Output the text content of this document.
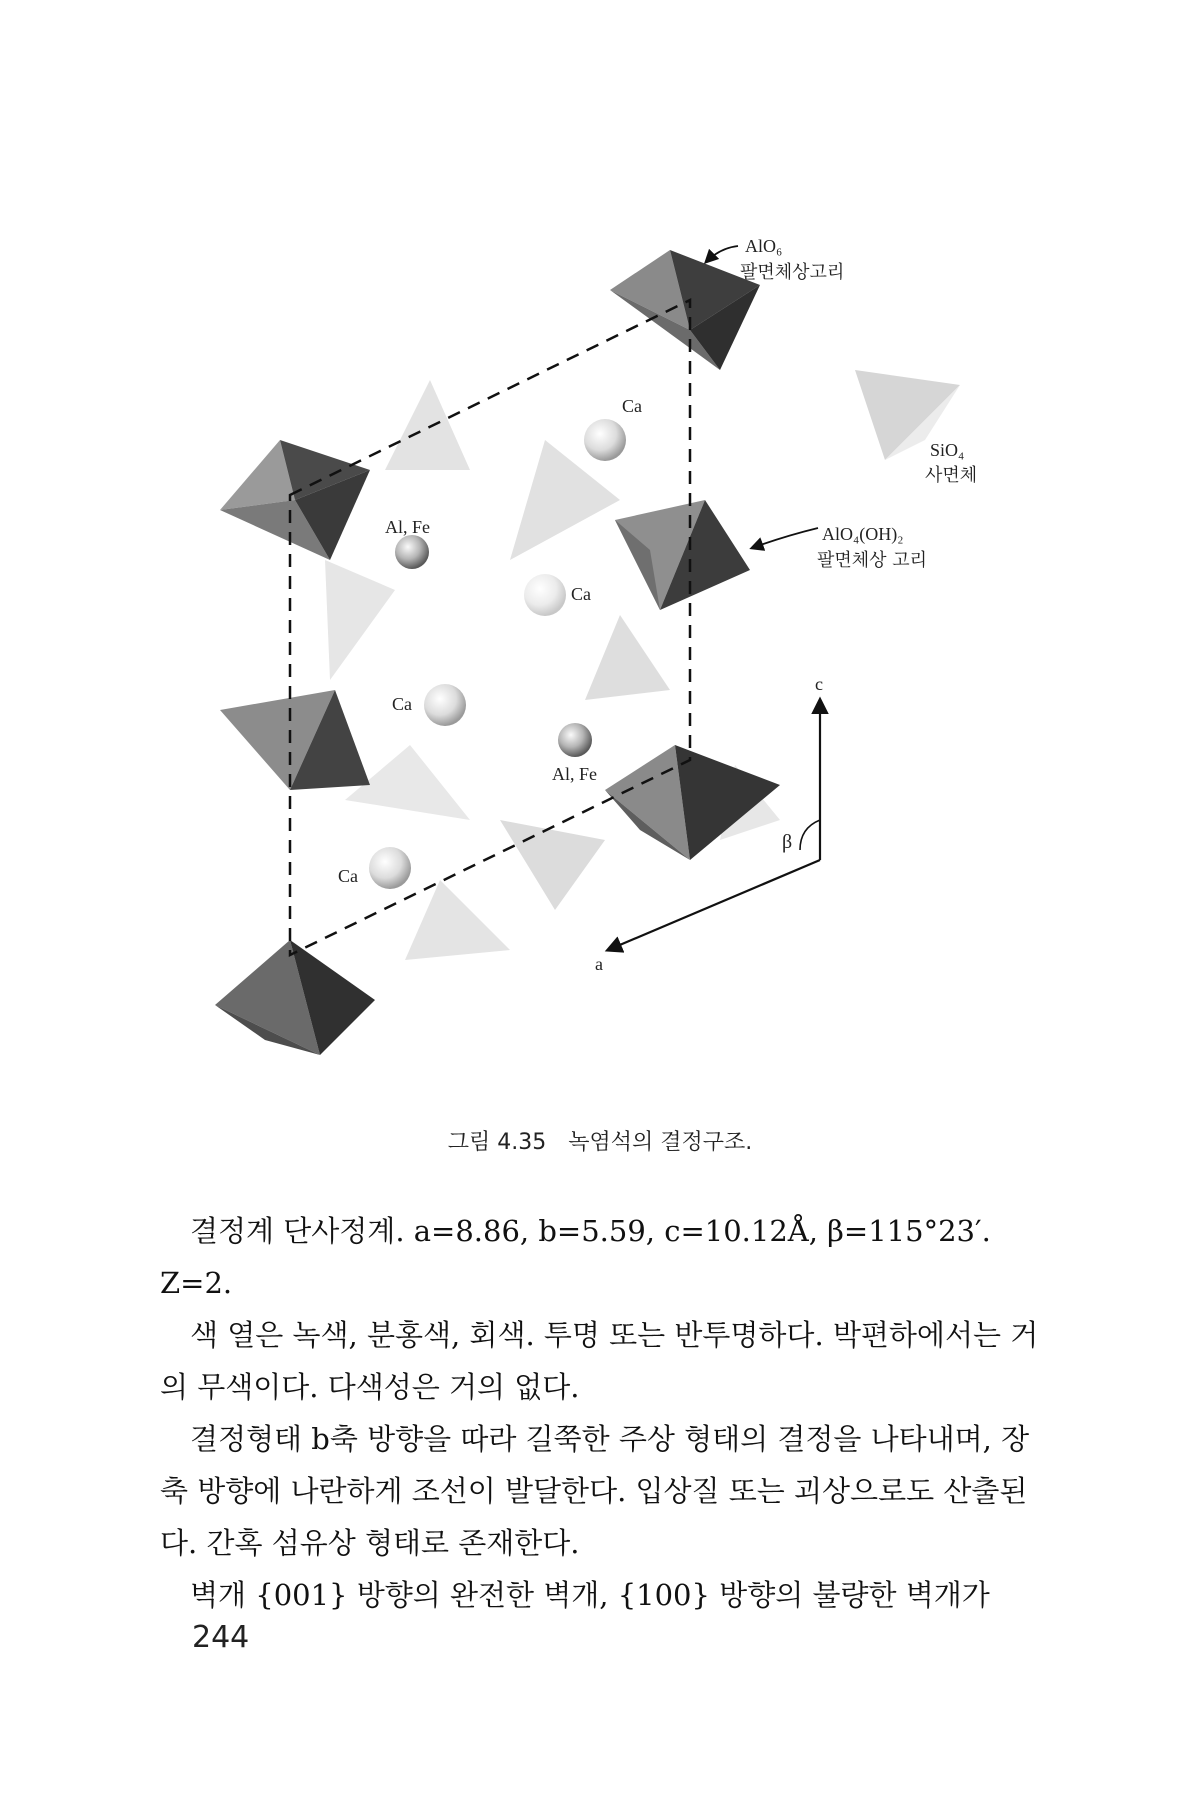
AlO₆
팔면체상고리
SiO₄
사면체
AlO₄(OH)₂
팔면체상 고리
Ca
Al, Fe
Ca
Ca
Al, Fe
Ca
c
a
β
그림 4.35 녹염석의 결정구조.

결정계 단사정계. a=8.86, b=5.59, c=10.12Å, β=115°23′. Z=2.

색 열은 녹색, 분홍색, 회색. 투명 또는 반투명하다. 박편하에서는 거의 무색이다. 다색성은 거의 없다.

결정형태 b축 방향을 따라 길쭉한 주상 형태의 결정을 나타내며, 장축 방향에 나란하게 조선이 발달한다. 입상질 또는 괴상으로도 산출된다. 간혹 섬유상 형태로 존재한다.

벽개 {001} 방향의 완전한 벽개, {100} 방향의 불량한 벽개가

244
